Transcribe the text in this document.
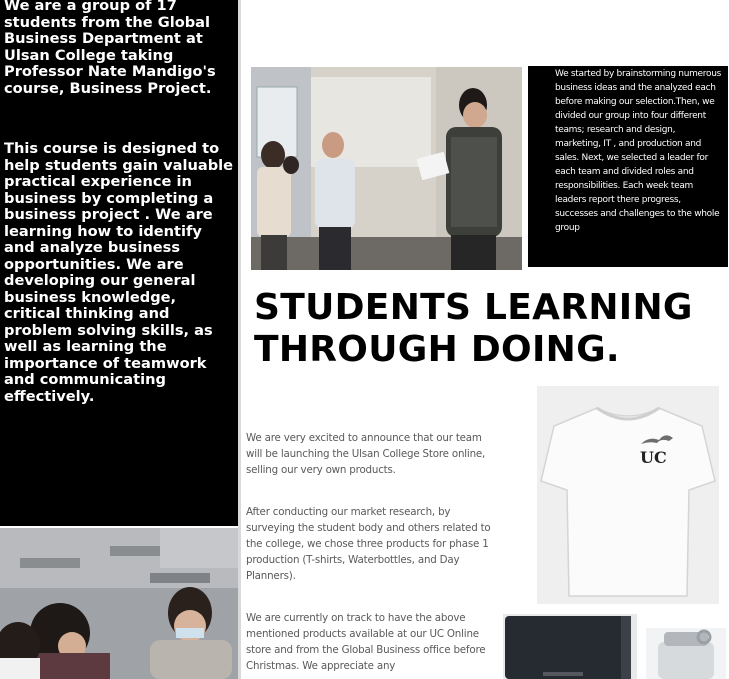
We are a group of 17 students from the Global Business Department at Ulsan College taking Professor Nate Mandigo's course, Business Project.

This course is designed to help students gain valuable practical experience in business by completing a business project . We are learning how to identify and analyze business opportunities. We are developing our general business knowledge, critical thinking and problem solving skills, as well as learning the importance of teamwork and communicating effectively.

We started by brainstorming numerous business ideas and the analyzed each before making our selection.Then, we divided our group into four different teams; research and design, marketing, IT , and production and sales. Next, we selected a leader for each team and divided roles and responsibilities. Each week team leaders report there progress, successes and challenges to the whole group

STUDENTS LEARNING
THROUGH DOING.

We are very excited to announce that our team will be launching the Ulsan College Store online, selling our very own products.

After conducting our market research, by surveying the student body and others related to the college, we chose three products for phase 1 production (T-shirts, Waterbottles, and Day Planners).

We are currently on track to have the above mentioned products available at our UC Online store and from the Global Business office before Christmas. We appreciate any

UC
